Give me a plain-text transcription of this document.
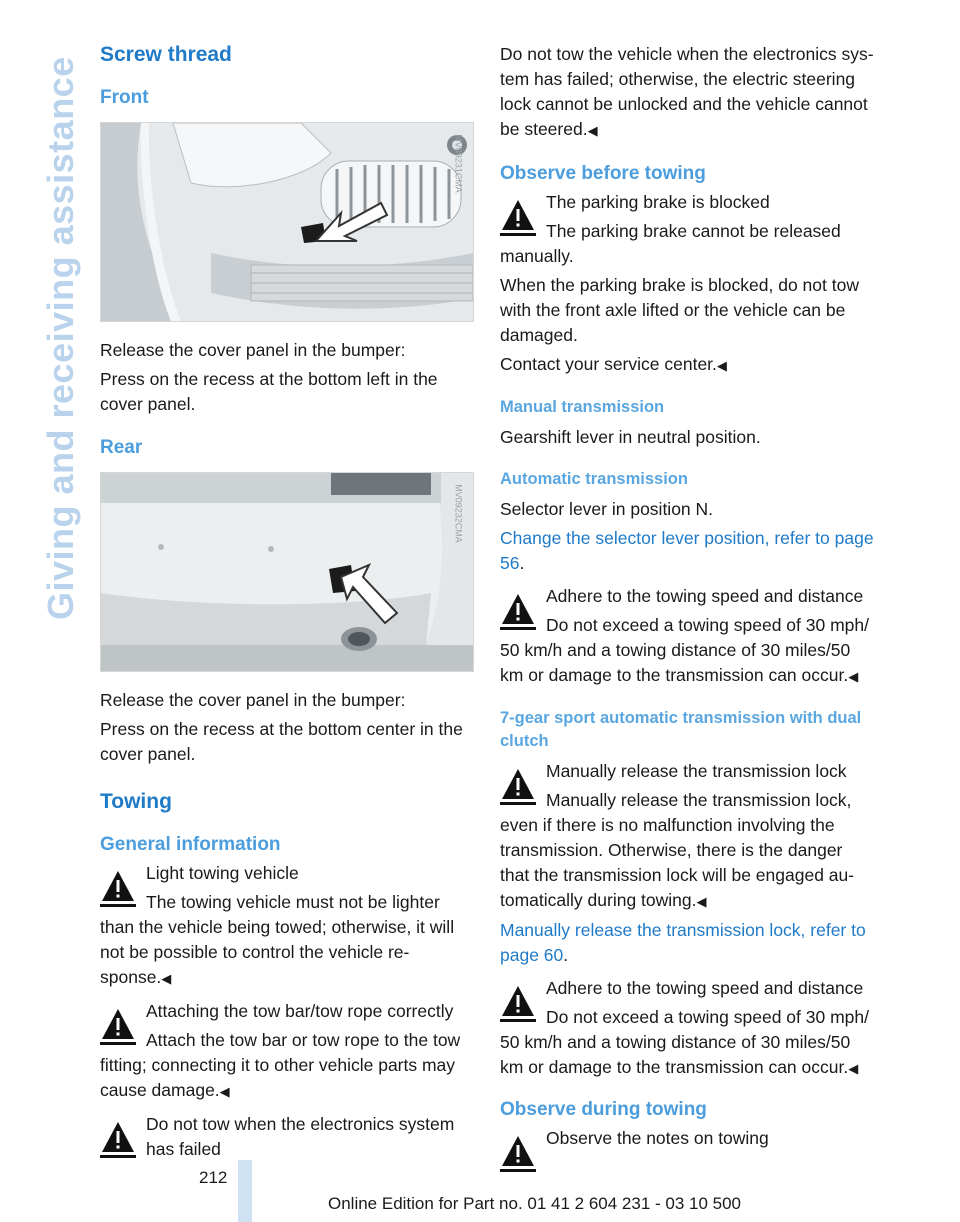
Giving and receiving assistance
Screw thread
Front
MV09231CMA

Release the cover panel in the bumper:

Press on the recess at the bottom left in the cover panel.

Rear
MV09232CMA

Release the cover panel in the bumper:

Press on the recess at the bottom center in the cover panel.

Towing
General information

Light towing vehicle

The towing vehicle must not be lighter than the vehicle being towed; otherwise, it will not be possible to control the vehicle response.◀

Attaching the tow bar/tow rope correctly

Attach the tow bar or tow rope to the tow fitting; connecting it to other vehicle parts may cause damage.◀

Do not tow when the electronics system has failed

Do not tow the vehicle when the electronics system has failed; otherwise, the electric steering lock cannot be unlocked and the vehicle cannot be steered.◀

Observe before towing

The parking brake is blocked

The parking brake cannot be released manually.

When the parking brake is blocked, do not tow with the front axle lifted or the vehicle can be damaged.

Contact your service center.◀

Manual transmission

Gearshift lever in neutral position.

Automatic transmission

Selector lever in position N.

Change the selector lever position, refer to page 56.

Adhere to the towing speed and distance

Do not exceed a towing speed of 30 mph/ 50 km/h and a towing distance of 30 miles/50 km or damage to the transmission can occur.◀

7-gear sport automatic transmission with dual clutch

Manually release the transmission lock

Manually release the transmission lock, even if there is no malfunction involving the transmission. Otherwise, there is the danger that the transmission lock will be engaged automatically during towing.◀

Manually release the transmission lock, refer to page 60.

Adhere to the towing speed and distance

Do not exceed a towing speed of 30 mph/ 50 km/h and a towing distance of 30 miles/50 km or damage to the transmission can occur.◀

Observe during towing

Observe the notes on towing

212
Online Edition for Part no. 01 41 2 604 231 - 03 10 500
